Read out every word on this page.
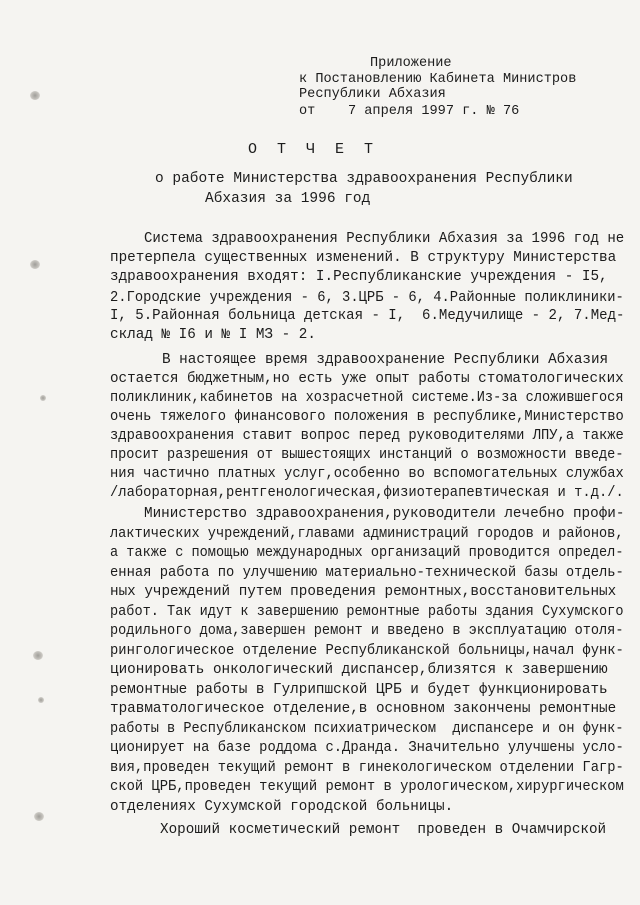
Приложение
к Постановлению Кабинета Министров
Республики Абхазия
от    7 апреля 1997 г. № 76
ОТЧЕТ
о работе Министерства здравоохранения Республики
Абхазия за 1996 год
Система здравоохранения Республики Абхазия за 1996 год не
претерпела существенных изменений. В структуру Министерства
здравоохранения входят: I.Республиканские учреждения - I5,
2.Городские учреждения - 6, 3.ЦРБ - 6, 4.Районные поликлиники-
I, 5.Районная больница детская - I,  6.Медучилище - 2, 7.Мед-
склад № I6 и № I МЗ - 2.
В настоящее время здравоохранение Республики Абхазия
остается бюджетным,но есть уже опыт работы стоматологических
поликлиник,кабинетов на хозрасчетной системе.Из-за сложившегося
очень тяжелого финансового положения в республике,Министерство
здравоохранения ставит вопрос перед руководителями ЛПУ,а также
просит разрешения от вышестоящих инстанций о возможности введе-
ния частично платных услуг,особенно во вспомогательных службах
/лабораторная,рентгенологическая,физиотерапевтическая и т.д./.
Министерство здравоохранения,руководители лечебно профи-
лактических учреждений,главами администраций городов и районов,
а также с помощью международных организаций проводится определ-
енная работа по улучшению материально-технической базы отдель-
ных учреждений путем проведения ремонтных,восстановительных
работ. Так идут к завершению ремонтные работы здания Сухумского
родильного дома,завершен ремонт и введено в эксплуатацию отоля-
рингологическое отделение Республиканской больницы,начал функ-
ционировать онкологический диспансер,близятся к завершению
ремонтные работы в Гулрипшской ЦРБ и будет функционировать
травматологическое отделение,в основном закончены ремонтные
работы в Республиканском психиатрическом  диспансере и он функ-
ционирует на базе роддома с.Драндa. Значительно улучшены усло-
вия,проведен текущий ремонт в гинекологическом отделении Гагр-
ской ЦРБ,проведен текущий ремонт в урологическом,хирургическом
отделениях Сухумской городской больницы.
Хороший косметический ремонт  проведен в Очамчирской
